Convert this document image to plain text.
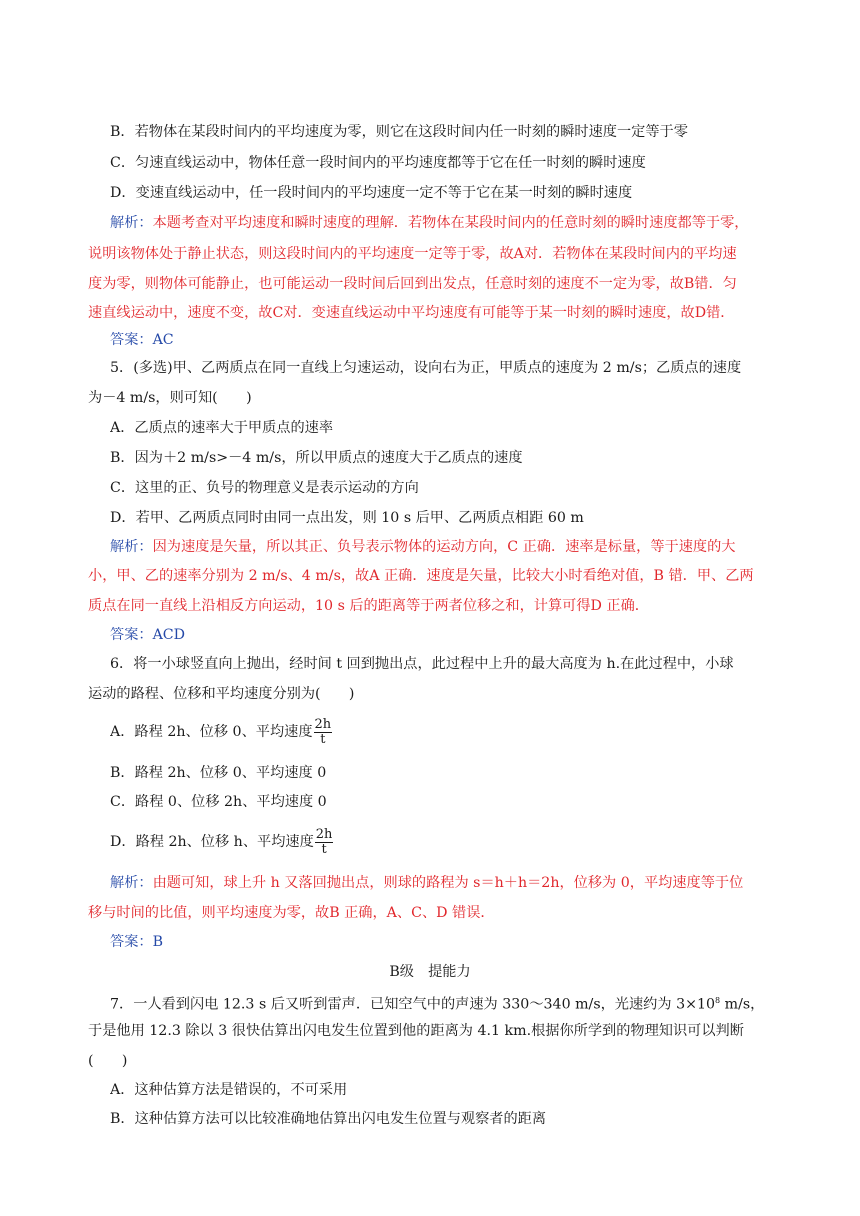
B．若物体在某段时间内的平均速度为零，则它在这段时间内任一时刻的瞬时速度一定等于零
C．匀速直线运动中，物体任意一段时间内的平均速度都等于它在任一时刻的瞬时速度
D．变速直线运动中，任一段时间内的平均速度一定不等于它在某一时刻的瞬时速度
解析：本题考查对平均速度和瞬时速度的理解．若物体在某段时间内的任意时刻的瞬时速度都等于零，
说明该物体处于静止状态，则这段时间内的平均速度一定等于零，故A对．若物体在某段时间内的平均速
度为零，则物体可能静止，也可能运动一段时间后回到出发点，任意时刻的速度不一定为零，故B错．匀
速直线运动中，速度不变，故C对．变速直线运动中平均速度有可能等于某一时刻的瞬时速度，故D错．
答案：AC
5．(多选)甲、乙两质点在同一直线上匀速运动，设向右为正，甲质点的速度为 2 m/s；乙质点的速度
为－4 m/s，则可知(　　)
A．乙质点的速率大于甲质点的速率
B．因为＋2 m/s>－4 m/s，所以甲质点的速度大于乙质点的速度
C．这里的正、负号的物理意义是表示运动的方向
D．若甲、乙两质点同时由同一点出发，则 10 s 后甲、乙两质点相距 60 m
解析：因为速度是矢量，所以其正、负号表示物体的运动方向，C 正确．速率是标量，等于速度的大
小，甲、乙的速率分别为 2 m/s、4 m/s，故A 正确．速度是矢量，比较大小时看绝对值，B 错．甲、乙两
质点在同一直线上沿相反方向运动，10 s 后的距离等于两者位移之和，计算可得D 正确．
答案：ACD
6．将一小球竖直向上抛出，经时间 t 回到抛出点，此过程中上升的最大高度为 h.在此过程中，小球
运动的路程、位移和平均速度分别为(　　)
A．路程 2h、位移 0、平均速度 $\frac{2h}{t}$
B．路程 2h、位移 0、平均速度 0
C．路程 0、位移 2h、平均速度 0
D．路程 2h、位移 h、平均速度 $\frac{2h}{t}$
解析：由题可知，球上升 h 又落回抛出点，则球的路程为 s＝h＋h＝2h，位移为 0，平均速度等于位
移与时间的比值，则平均速度为零，故B 正确，A、C、D 错误．
答案：B
B级　提能力
7．一人看到闪电 12.3 s 后又听到雷声．已知空气中的声速为 330～340 m/s，光速约为 $3\times 10^8$ m/s，
于是他用 12.3 除以 3 很快估算出闪电发生位置到他的距离为 4.1 km.根据你所学到的物理知识可以判断
(　　)
A．这种估算方法是错误的，不可采用
B．这种估算方法可以比较准确地估算出闪电发生位置与观察者的距离
